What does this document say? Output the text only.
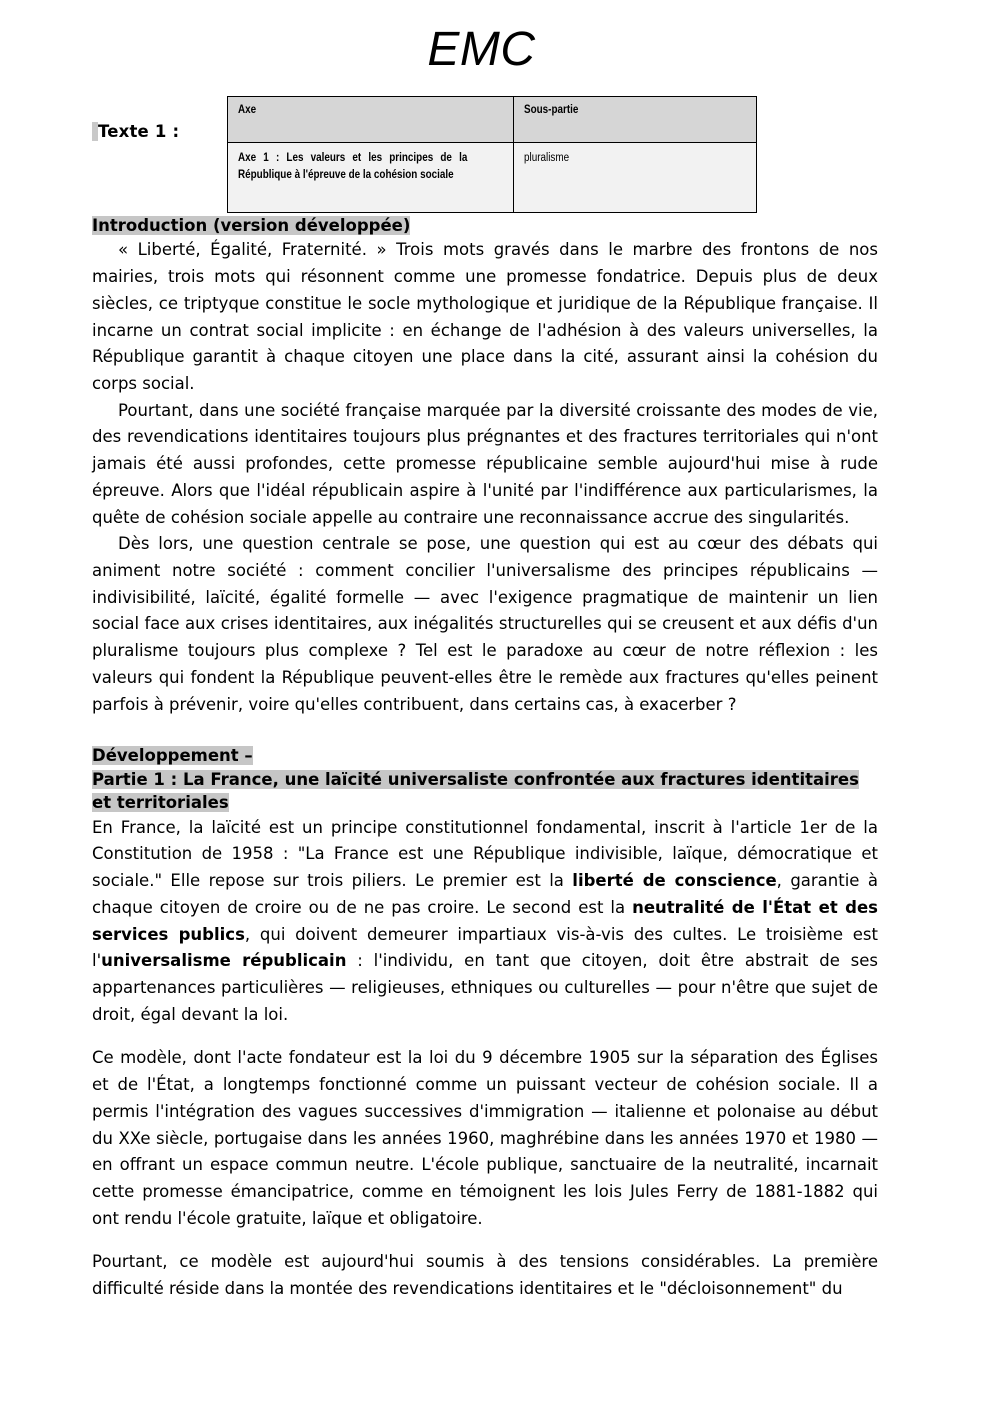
EMC
Texte 1 :
Axe	Sous-partie
Axe 1 : Les valeurs et les principes de la République à l'épreuve de la cohésion sociale	pluralisme
Introduction (version développée)

« Liberté, Égalité, Fraternité. » Trois mots gravés dans le marbre des frontons de nos mairies, trois mots qui résonnent comme une promesse fondatrice. Depuis plus de deux siècles, ce triptyque constitue le socle mythologique et juridique de la République française. Il incarne un contrat social implicite : en échange de l'adhésion à des valeurs universelles, la République garantit à chaque citoyen une place dans la cité, assurant ainsi la cohésion du corps social.

Pourtant, dans une société française marquée par la diversité croissante des modes de vie, des revendications identitaires toujours plus prégnantes et des fractures territoriales qui n'ont jamais été aussi profondes, cette promesse républicaine semble aujourd'hui mise à rude épreuve. Alors que l'idéal républicain aspire à l'unité par l'indifférence aux particularismes, la quête de cohésion sociale appelle au contraire une reconnaissance accrue des singularités.

Dès lors, une question centrale se pose, une question qui est au cœur des débats qui animent notre société : comment concilier l'universalisme des principes républicains — indivisibilité, laïcité, égalité formelle — avec l'exigence pragmatique de maintenir un lien social face aux crises identitaires, aux inégalités structurelles qui se creusent et aux défis d'un pluralisme toujours plus complexe ? Tel est le paradoxe au cœur de notre réflexion : les valeurs qui fondent la République peuvent-elles être le remède aux fractures qu'elles peinent parfois à prévenir, voire qu'elles contribuent, dans certains cas, à exacerber ?

Développement –
Partie 1 : La France, une laïcité universaliste confrontée aux fractures identitaires et territoriales

En France, la laïcité est un principe constitutionnel fondamental, inscrit à l'article 1er de la Constitution de 1958 : "La France est une République indivisible, laïque, démocratique et sociale." Elle repose sur trois piliers. Le premier est la liberté de conscience, garantie à chaque citoyen de croire ou de ne pas croire. Le second est la neutralité de l'État et des services publics, qui doivent demeurer impartiaux vis-à-vis des cultes. Le troisième est l'universalisme républicain : l'individu, en tant que citoyen, doit être abstrait de ses appartenances particulières — religieuses, ethniques ou culturelles — pour n'être que sujet de droit, égal devant la loi.

Ce modèle, dont l'acte fondateur est la loi du 9 décembre 1905 sur la séparation des Églises et de l'État, a longtemps fonctionné comme un puissant vecteur de cohésion sociale. Il a permis l'intégration des vagues successives d'immigration — italienne et polonaise au début du XXe siècle, portugaise dans les années 1960, maghrébine dans les années 1970 et 1980 — en offrant un espace commun neutre. L'école publique, sanctuaire de la neutralité, incarnait cette promesse émancipatrice, comme en témoignent les lois Jules Ferry de 1881-1882 qui ont rendu l'école gratuite, laïque et obligatoire.

Pourtant, ce modèle est aujourd'hui soumis à des tensions considérables. La première difficulté réside dans la montée des revendications identitaires et le "décloisonnement" du
